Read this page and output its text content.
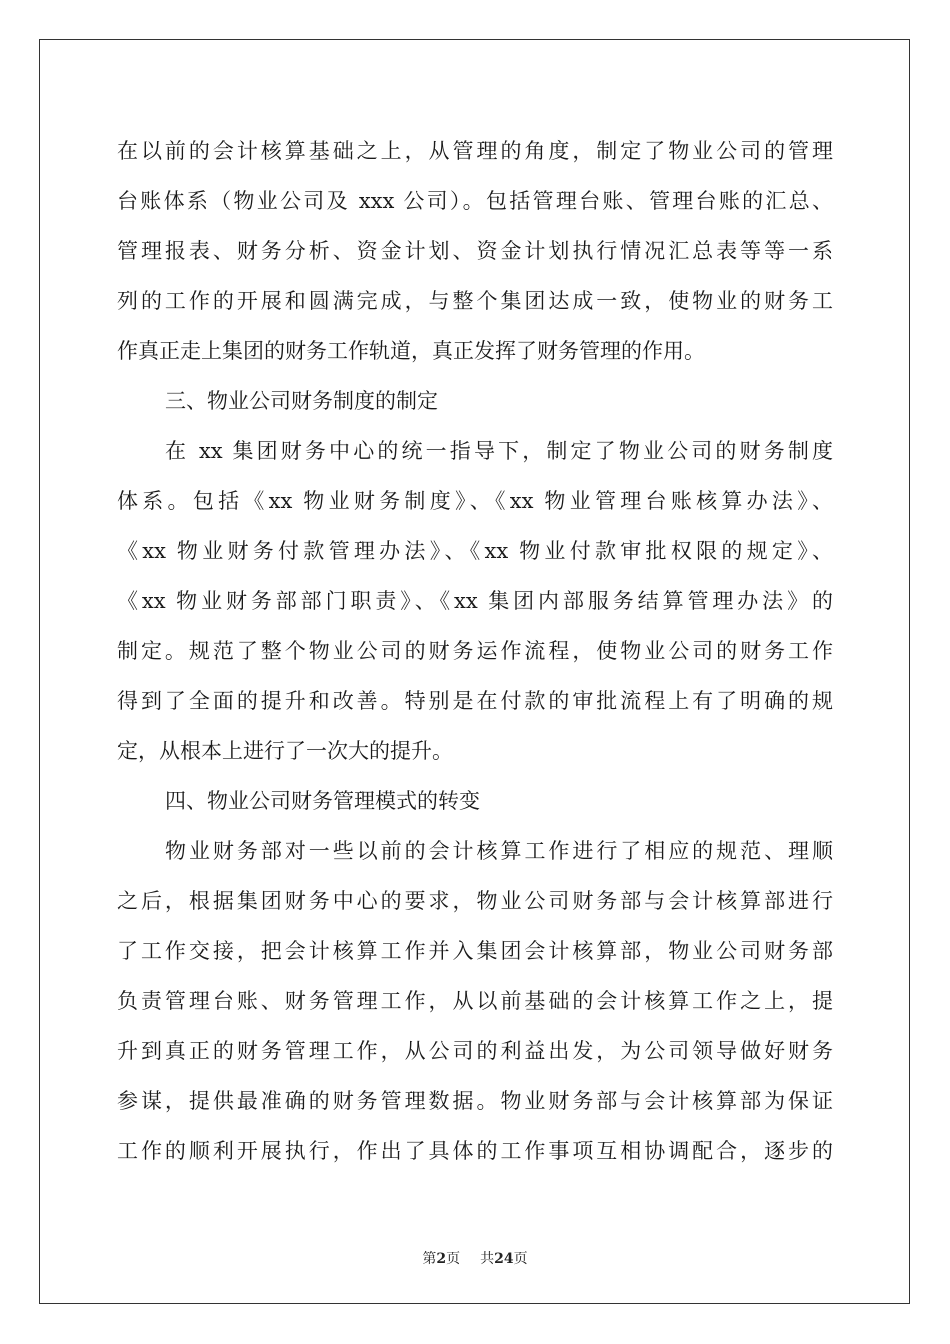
在以前的会计核算基础之上，从管理的角度，制定了物业公司的管理
台账体系（物业公司及 xxx 公司）。包括管理台账、管理台账的汇总、
管理报表、财务分析、资金计划、资金计划执行情况汇总表等等一系
列的工作的开展和圆满完成，与整个集团达成一致，使物业的财务工
作真正走上集团的财务工作轨道，真正发挥了财务管理的作用。
三、物业公司财务制度的制定
在 xx 集团财务中心的统一指导下，制定了物业公司的财务制度
体系。包括《xx 物业财务制度》、《xx 物业管理台账核算办法》、
《xx 物业财务付款管理办法》、《xx 物业付款审批权限的规定》、
《xx 物业财务部部门职责》、《xx 集团内部服务结算管理办法》的
制定。规范了整个物业公司的财务运作流程，使物业公司的财务工作
得到了全面的提升和改善。特别是在付款的审批流程上有了明确的规
定，从根本上进行了一次大的提升。
四、物业公司财务管理模式的转变
物业财务部对一些以前的会计核算工作进行了相应的规范、理顺
之后，根据集团财务中心的要求，物业公司财务部与会计核算部进行
了工作交接，把会计核算工作并入集团会计核算部，物业公司财务部
负责管理台账、财务管理工作，从以前基础的会计核算工作之上，提
升到真正的财务管理工作，从公司的利益出发，为公司领导做好财务
参谋，提供最准确的财务管理数据。物业财务部与会计核算部为保证
工作的顺利开展执行，作出了具体的工作事项互相协调配合，逐步的
第2页 共24页
